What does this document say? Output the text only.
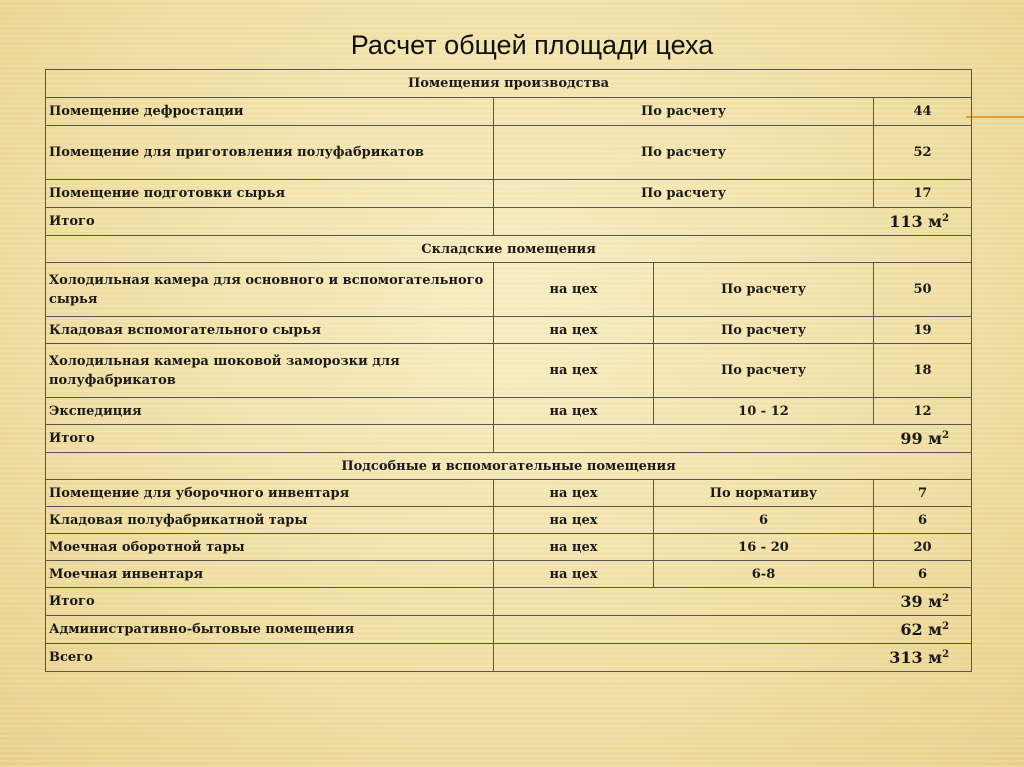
Расчет общей площади цеха
Помещения производства			
Помещение дефростации	По расчету		44
Помещение для приготовления полуфабрикатов	По расчету		52
Помещение подготовки сырья	По расчету		17
Итого	113 $м^2$
Складские помещения			
Холодильная камера для основного и вспомогательного сырья	на цех	По расчету	50
Кладовая вспомогательного сырья	на цех	По расчету	19
Холодильная камера шоковой заморозки для полуфабрикатов	на цех	По расчету	18
Экспедиция	на цех	10 - 12	12
Итого	99 $м^2$
Подсобные и вспомогательные помещения			
Помещение для уборочного инвентаря	на цех	По нормативу	7
Кладовая полуфабрикатной тары	на цех	6	6
Моечная оборотной тары	на цех	16 - 20	20
Моечная инвентаря	на цех	6-8	6
Итого	39 $м^2$
Административно-бытовые помещения	62 $м^2$
Всего	313 $м^2$
